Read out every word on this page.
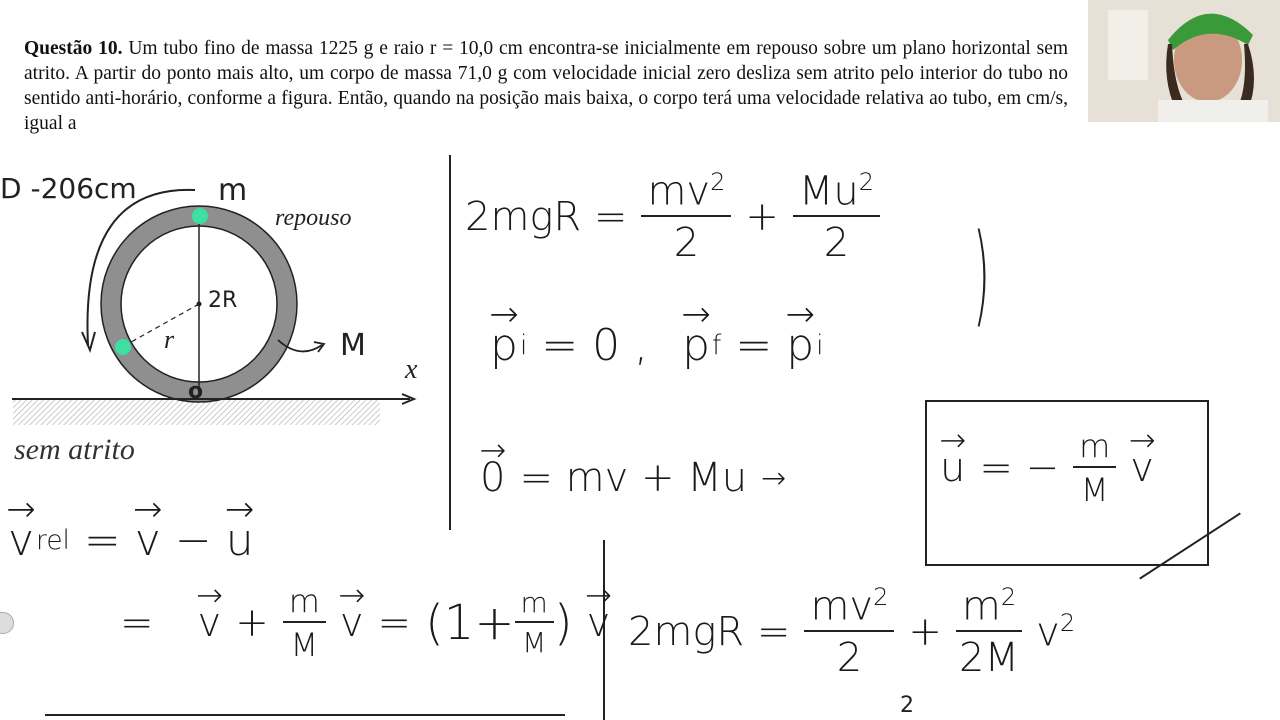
Questão 10. Um tubo fino de massa 1225 g e raio r = 10,0 cm encontra-se inicialmente em repouso sobre um plano horizontal sem atrito. A partir do ponto mais alto, um corpo de massa 71,0 g com velocidade inicial zero desliza sem atrito pelo interior do tubo no sentido anti-horário, conforme a figura. Então, quando na posição mais baixa, o corpo terá uma velocidade relativa ao tubo, em cm/s, igual a
D -206cm	m
repouso
2R
r	M
x
o
sem atrito
)
$2mgR = \frac{mv^2}{2} + \frac{Mu^2}{2}$
→ p i = 0 , → p f = → p i
→ 0 = mv + Mu →	→ u = − $\frac{m}{M} \to v$
→ v rel = → v − → u
= → $v + \frac{m}{M} \to v = (1+ \frac{m}{M}$ ) → v $2mgR = \frac{mv^2}{2} + \frac{m^2}{2M} v^2$
2
